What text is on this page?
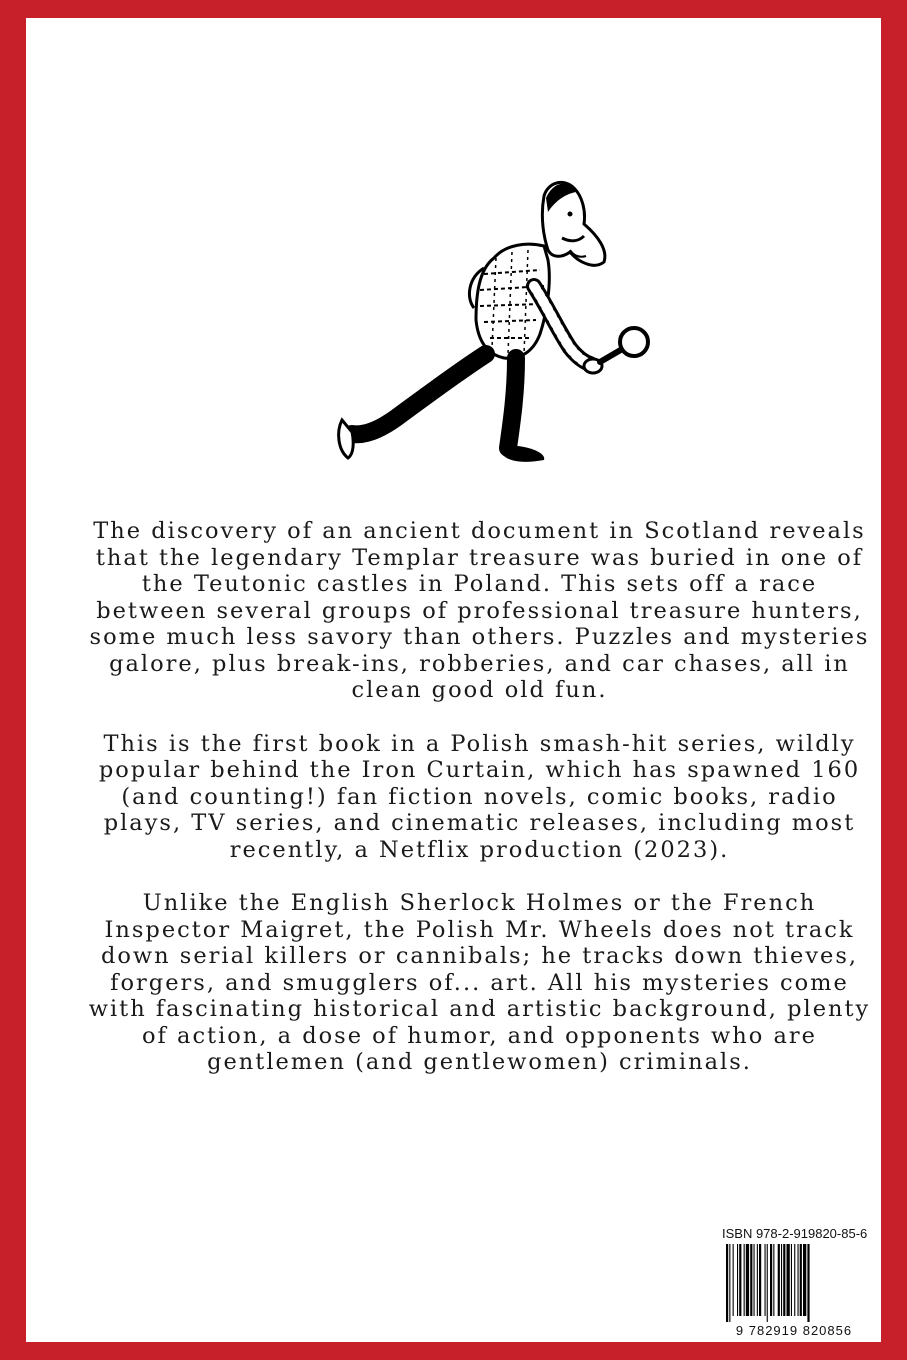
The discovery of an ancient document in Scotland reveals that the legendary Templar treasure was buried in one of the Teutonic castles in Poland. This sets off a race between several groups of professional treasure hunters, some much less savory than others. Puzzles and mysteries galore, plus break-ins, robberies, and car chases, all in clean good old fun.

This is the first book in a Polish smash-hit series, wildly popular behind the Iron Curtain, which has spawned 160 (and counting!) fan fiction novels, comic books, radio plays, TV series, and cinematic releases, including most recently, a Netflix production (2023).

Unlike the English Sherlock Holmes or the French Inspector Maigret, the Polish Mr. Wheels does not track down serial killers or cannibals; he tracks down thieves, forgers, and smugglers of... art. All his mysteries come with fascinating historical and artistic background, plenty of action, a dose of humor, and opponents who are gentlemen (and gentlewomen) criminals.

ISBN 978-2-919820-85-6
9 782919 820856
